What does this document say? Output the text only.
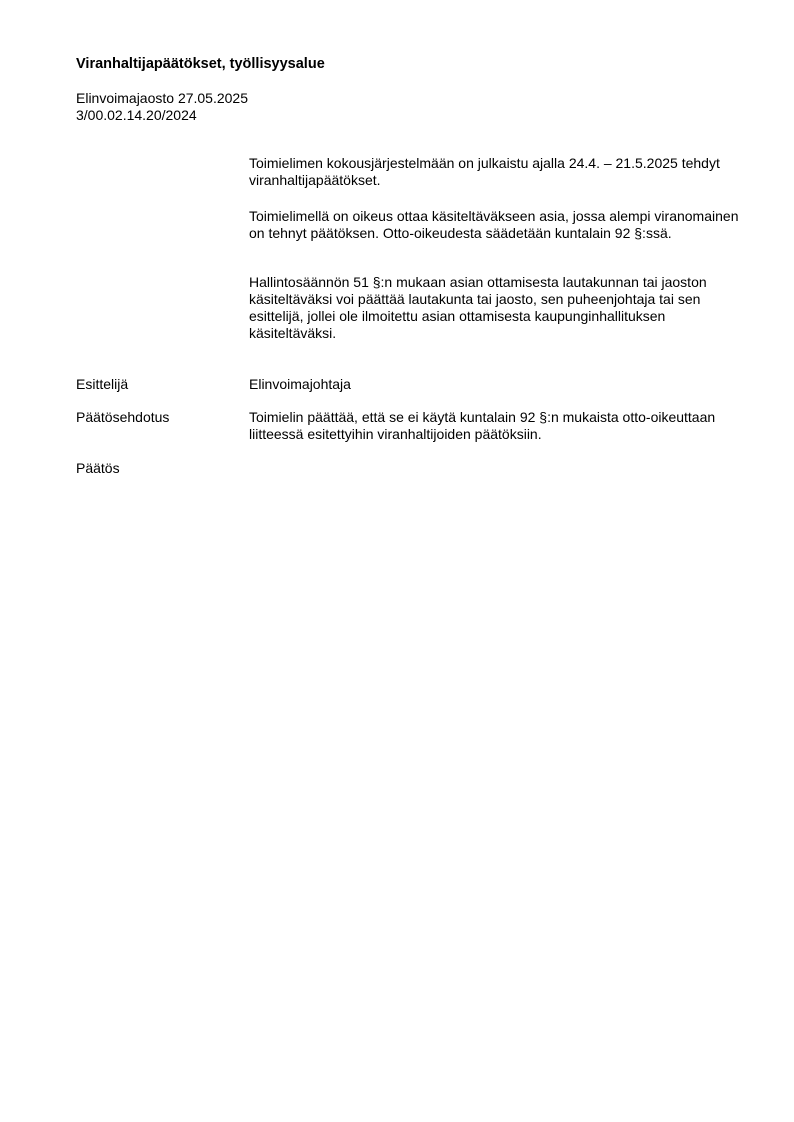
Viranhaltijapäätökset, työllisyysalue
Elinvoimajaosto 27.05.2025
3/00.02.14.20/2024

Toimielimen kokousjärjestelmään on julkaistu ajalla 24.4. – 21.5.2025 tehdyt viranhaltijapäätökset.

Toimielimellä on oikeus ottaa käsiteltäväkseen asia, jossa alempi viranomainen on tehnyt päätöksen. Otto-oikeudesta säädetään kuntalain 92 §:ssä.

Hallintosäännön 51 §:n mukaan asian ottamisesta lautakunnan tai jaoston käsiteltäväksi voi päättää lautakunta tai jaosto, sen puheenjohtaja tai sen esittelijä, jollei ole ilmoitettu asian ottamisesta kaupunginhallituksen käsiteltäväksi.

Esittelijä	Elinvoimajohtaja
Päätösehdotus	Toimielin päättää, että se ei käytä kuntalain 92 §:n mukaista otto-oikeuttaan liitteessä esitettyihin viranhaltijoiden päätöksiin.
Päätös
